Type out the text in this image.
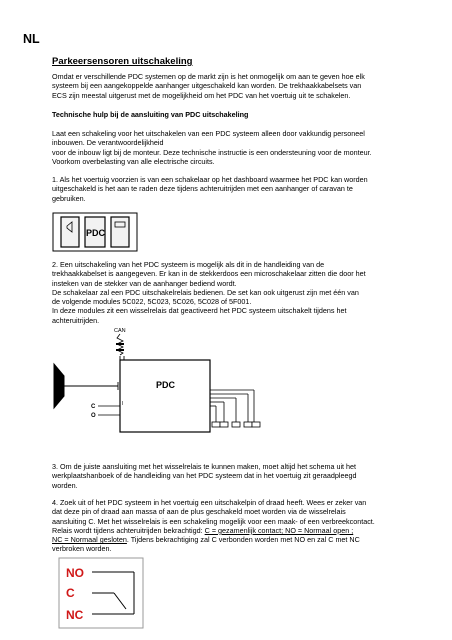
NL
Parkeersensoren uitschakeling
Omdat er verschillende PDC systemen op de markt zijn is het onmogelijk om aan te geven hoe elk
systeem bij een aangekoppelde aanhanger uitgeschakeld kan worden. De trekhaakkabelsets van
ECS zijn meestal uitgerust met de mogelijkheid om het PDC van het voertuig uit te schakelen.
Technische hulp bij de aansluiting van PDC uitschakeling
Laat een schakeling voor het uitschakelen van een PDC systeem alleen door vakkundig personeel
inbouwen. De verantwoordelijkheid
voor de inbouw ligt bij de monteur. Deze technische instructie is een ondersteuning voor de monteur.
Voorkom overbelasting van alle electrische circuits.
1. Als het voertuig voorzien is van een schakelaar op het dashboard waarmee het PDC kan worden
uitgeschakeld is het aan te raden deze tijdens achteruitrijden met een aanhanger of caravan te
gebruiken.
PDC
2. Een uitschakeling van het PDC systeem is mogelijk als dit in de handleiding van de
trekhaakkabelset is aangegeven. Er kan in de stekkerdoos een microschakelaar zitten die door het
insteken van de stekker van de aanhanger bediend wordt.
De schakelaar zal een PDC uitschakelrelais bedienen. De set kan ook uitgerust zijn met één van
de volgende modules 5C022, 5C023, 5C026, 5C028 of 5F001.
In deze modules zit een wisselrelais dat geactiveerd het PDC systeem uitschakelt tijdens het
achteruitrijden.
CAN
PDC
I
C
O
3. Om de juiste aansluiting met het wisselrelais te kunnen maken, moet altijd het schema uit het
werkplaatshanboek of de handleiding van het PDC systeem dat in het voertuig zit geraadpleegd
worden.
4. Zoek uit of het PDC systeem in het voertuig een uitschakelpin of draad heeft. Wees er zeker van
dat deze pin of draad aan massa of aan de plus geschakeld moet worden via de wisselrelais
aansluiting C. Met het wisselrelais is een schakeling mogelijk voor een maak- of een verbreekcontact.
Relais wordt tijdens achteruitrijden bekrachtigd: C = gezamenlijk contact; NO = Normaal open ;
NC = Normaal gesloten. Tijdens bekrachtiging zal C verbonden worden met NO en zal C met NC
verbroken worden.
NO
C
NC
